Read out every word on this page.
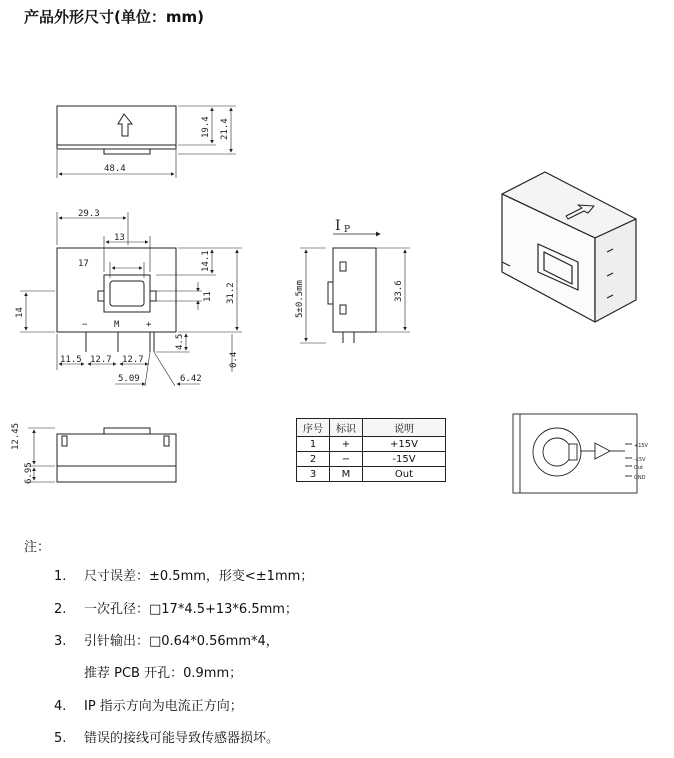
产品外形尺寸(单位：mm)
48.4
19.4 21.4
29.3
13
17	14.1
31.2
11
14
4.5
0.4
11.5 12.7 12.7
5.09	6.42
−	M	+
I P
5±0.5mm	33.6
12.45
6.95
+15V
-15V
Out
GND
序号	标识	说明
1	+	+15V
2	−	-15V
3	M	Out
注：
1. 尺寸误差：±0.5mm，形变<±1mm；
2. 一次孔径：□17*4.5+13*6.5mm；
3. 引针输出：□0.64*0.56mm*4，
推荐 PCB 开孔：0.9mm；
4. IP 指示方向为电流正方向；
5. 错误的接线可能导致传感器损坏。
